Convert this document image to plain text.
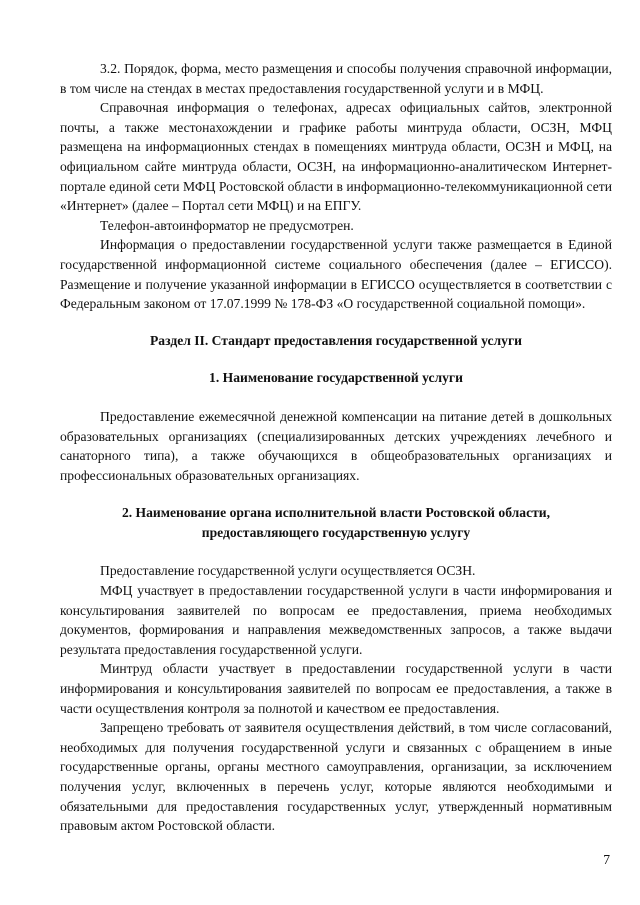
3.2. Порядок, форма, место размещения и способы получения справочной информации, в том числе на стендах в местах предоставления государственной услуги и в МФЦ.

Справочная информация о телефонах, адресах официальных сайтов, электронной почты, а также местонахождении и графике работы минтруда области, ОСЗН, МФЦ размещена на информационных стендах в помещениях минтруда области, ОСЗН и МФЦ, на официальном сайте минтруда области, ОСЗН, на информационно-аналитическом Интернет-портале единой сети МФЦ Ростовской области в информационно-телекоммуникационной сети «Интернет» (далее – Портал сети МФЦ) и на ЕПГУ.

Телефон-автоинформатор не предусмотрен.

Информация о предоставлении государственной услуги также размещается в Единой государственной информационной системе социального обеспечения (далее – ЕГИССО). Размещение и получение указанной информации в ЕГИССО осуществляется в соответствии с Федеральным законом от 17.07.1999 № 178-ФЗ «О государственной социальной помощи».

Раздел II. Стандарт предоставления государственной услуги
1. Наименование государственной услуги

Предоставление ежемесячной денежной компенсации на питание детей в дошкольных образовательных организациях (специализированных детских учреждениях лечебного и санаторного типа), а также обучающихся в общеобразовательных организациях и профессиональных образовательных организациях.

2. Наименование органа исполнительной власти Ростовской области,
предоставляющего государственную услугу

Предоставление государственной услуги осуществляется ОСЗН.

МФЦ участвует в предоставлении государственной услуги в части информирования и консультирования заявителей по вопросам ее предоставления, приема необходимых документов, формирования и направления межведомственных запросов, а также выдачи результата предоставления государственной услуги.

Минтруд области участвует в предоставлении государственной услуги в части информирования и консультирования заявителей по вопросам ее предоставления, а также в части осуществления контроля за полнотой и качеством ее предоставления.

Запрещено требовать от заявителя осуществления действий, в том числе согласований, необходимых для получения государственной услуги и связанных с обращением в иные государственные органы, органы местного самоуправления, организации, за исключением получения услуг, включенных в перечень услуг, которые являются необходимыми и обязательными для предоставления государственных услуг, утвержденный нормативным правовым актом Ростовской области.

7
